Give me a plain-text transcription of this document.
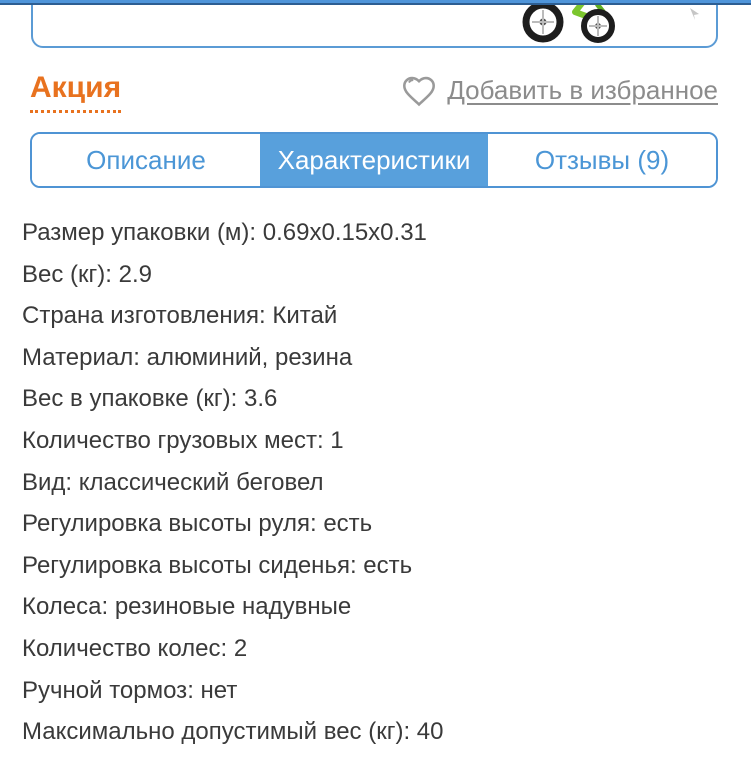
Акция	Добавить в избранное
Описание	Характеристики	Отзывы (9)
Размер упаковки (м): 0.69х0.15х0.31
Вес (кг): 2.9
Страна изготовления: Китай
Материал: алюминий, резина
Вес в упаковке (кг): 3.6
Количество грузовых мест: 1
Вид: классический беговел
Регулировка высоты руля: есть
Регулировка высоты сиденья: есть
Колеса: резиновые надувные
Количество колес: 2
Ручной тормоз: нет
Максимально допустимый вес (кг): 40
